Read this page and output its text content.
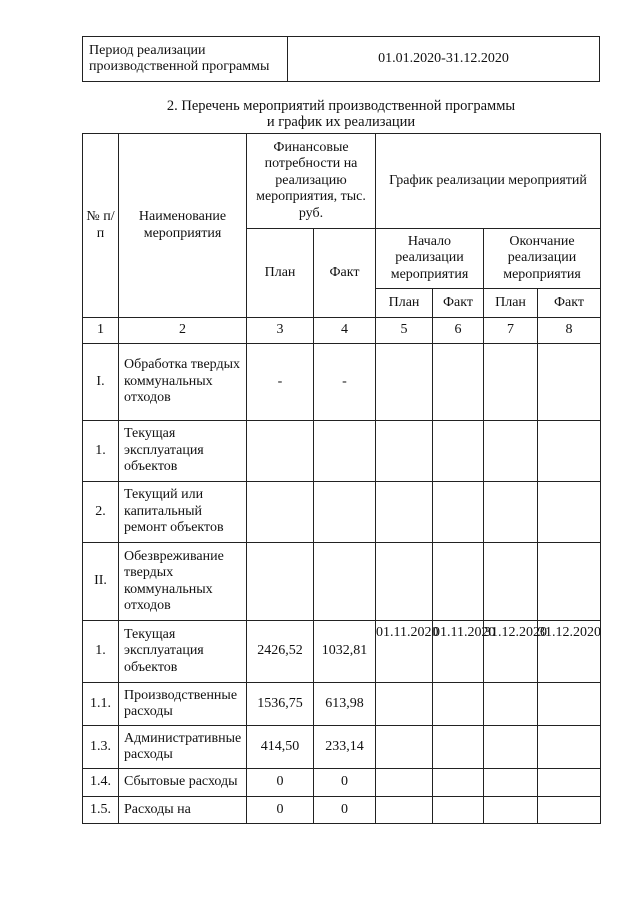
Период реализации производственной программы	01.01.2020-31.12.2020
2. Перечень мероприятий производственной программы
и график их реализации
№ п/п	Наименование мероприятия	Финансовые потребности на реализацию мероприятия, тыс. руб.		График реализации мероприятий			
		План	Факт	Начало реализации мероприятия		Окончание реализации мероприятия	
				План	Факт	План	Факт
1	2	3	4	5	6	7	8
I.	Обработка твердых коммунальных отходов	-	-				
1.	Текущая эксплуатация объектов						
2.	Текущий или капитальный ремонт объектов						
II.	Обезвреживание твердых коммунальных отходов						
1.	Текущая эксплуатация объектов	2426,52	1032,81	01.11.2020	01.11.2020	31.12.2020	31.12.2020
1.1.	Производственные расходы	1536,75	613,98				
1.3.	Административные расходы	414,50	233,14				
1.4.	Сбытовые расходы	0	0				
1.5.	Расходы на	0	0				
